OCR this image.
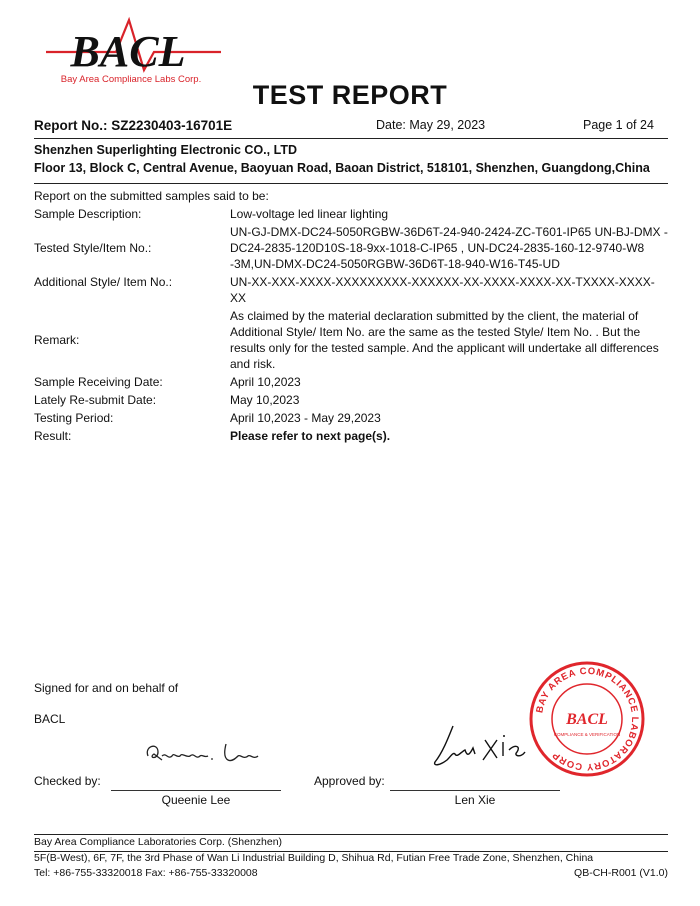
BACL
Bay Area Compliance Labs Corp.
TEST REPORT
Report No.: SZ2230403-16701E	Date: May 29, 2023	Page 1 of 24
Shenzhen Superlighting Electronic CO., LTD
Floor 13, Block C, Central Avenue, Baoyuan Road, Baoan District, 518101, Shenzhen, Guangdong,China
Report on the submitted samples said to be:
Sample Description:	Low-voltage led linear lighting
Tested Style/Item No.:
UN-GJ-DMX-DC24-5050RGBW-36D6T-24-940-2424-ZC-T601-IP65 UN-BJ-DMX -DC24-2835-120D10S-18-9xx-1018-C-IP65 , UN-DC24-2835-160-12-9740-W8 -3M,UN-DMX-DC24-5050RGBW-36D6T-18-940-W16-T45-UD
Additional Style/ Item No.:	UN-XX-XXX-XXXX-XXXXXXXXX-XXXXXX-XX-XXXX-XXXX-XX-TXXXX-XXXX-XX
Remark:
As claimed by the material declaration submitted by the client, the material of Additional Style/ Item No. are the same as the tested Style/ Item No. . But the results only for the tested sample. And the applicant will undertake all differences and risk.
Sample Receiving Date:	April 10,2023
Lately Re-submit Date:	May 10,2023
Testing Period:	April 10,2023 - May 29,2023
Result:	Please refer to next page(s).
Signed for and on behalf of
BACL
Checked by:
Queenie Lee
Approved by:
Len Xie
BAY AREA COMPLIANCE LABORATORY CORP
BACL
COMPLIANCE & VERIFICATION
Bay Area Compliance Laboratories Corp. (Shenzhen)
5F(B-West), 6F, 7F, the 3rd Phase of Wan Li Industrial Building D, Shihua Rd, Futian Free Trade Zone, Shenzhen, China
Tel: +86-755-33320018 Fax: +86-755-33320008	QB-CH-R001 (V1.0)
